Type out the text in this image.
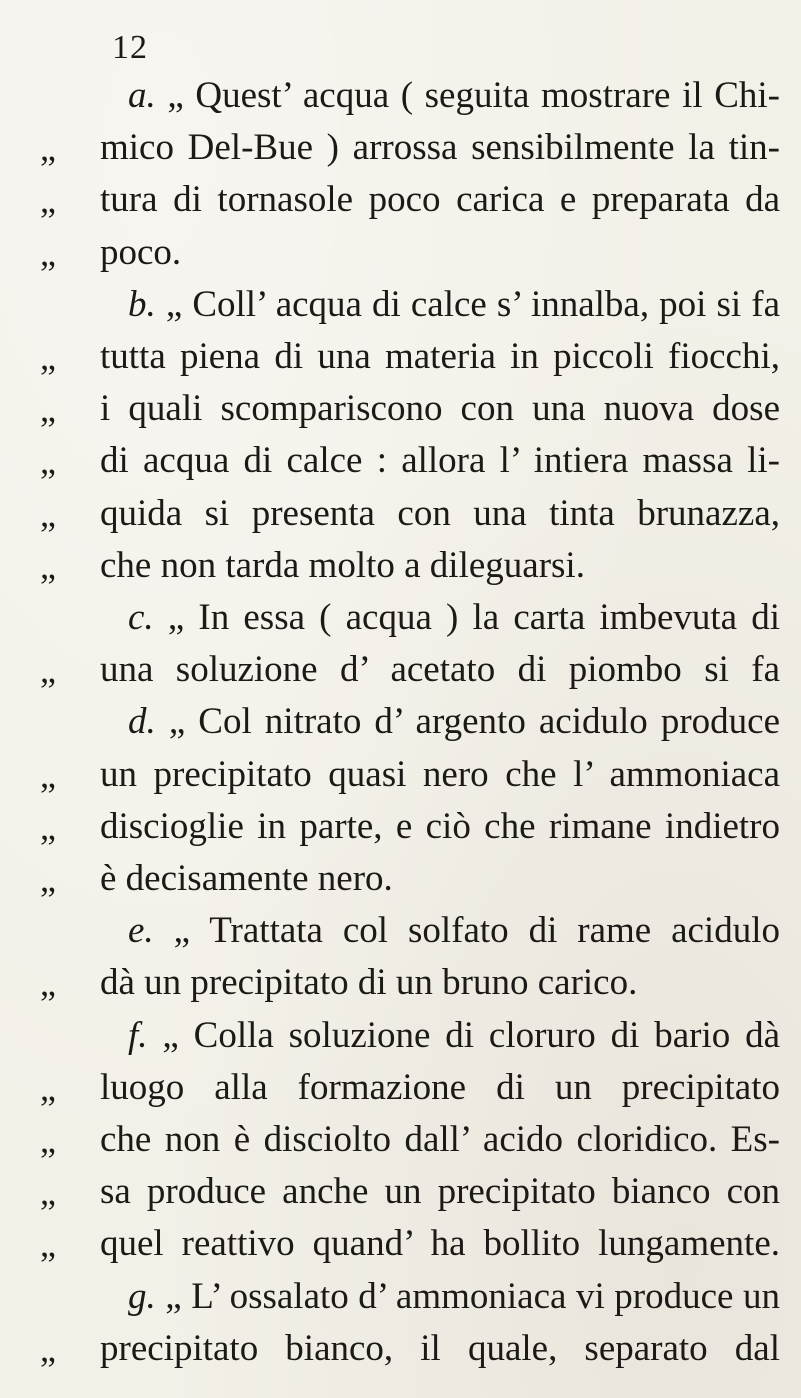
12
a. „ Quest’ acqua ( seguita mostrare il Chi-
„ mico Del-Bue ) arrossa sensibilmente la tin-
„ tura di tornasole poco carica e preparata da
„ poco.
b. „ Coll’ acqua di calce s’ innalba, poi si fa
„ tutta piena di una materia in piccoli fiocchi,
„ i quali scompariscono con una nuova dose
„ di acqua di calce : allora l’ intiera massa li-
„ quida si presenta con una tinta brunazza,
„ che non tarda molto a dileguarsi.
c. „ In essa ( acqua ) la carta imbevuta di
„ una soluzione d’ acetato di piombo si fa
d. „ Col nitrato d’ argento acidulo produce
„ un precipitato quasi nero che l’ ammoniaca
„ discioglie in parte, e ciò che rimane indietro
„ è decisamente nero.
e. „ Trattata col solfato di rame acidulo
„ dà un precipitato di un bruno carico.
f. „ Colla soluzione di cloruro di bario dà
„ luogo alla formazione di un precipitato
„ che non è disciolto dall’ acido cloridico. Es-
„ sa produce anche un precipitato bianco con
„ quel reattivo quand’ ha bollito lungamente.
g. „ L’ ossalato d’ ammoniaca vi produce un
„ precipitato bianco, il quale, separato dal
